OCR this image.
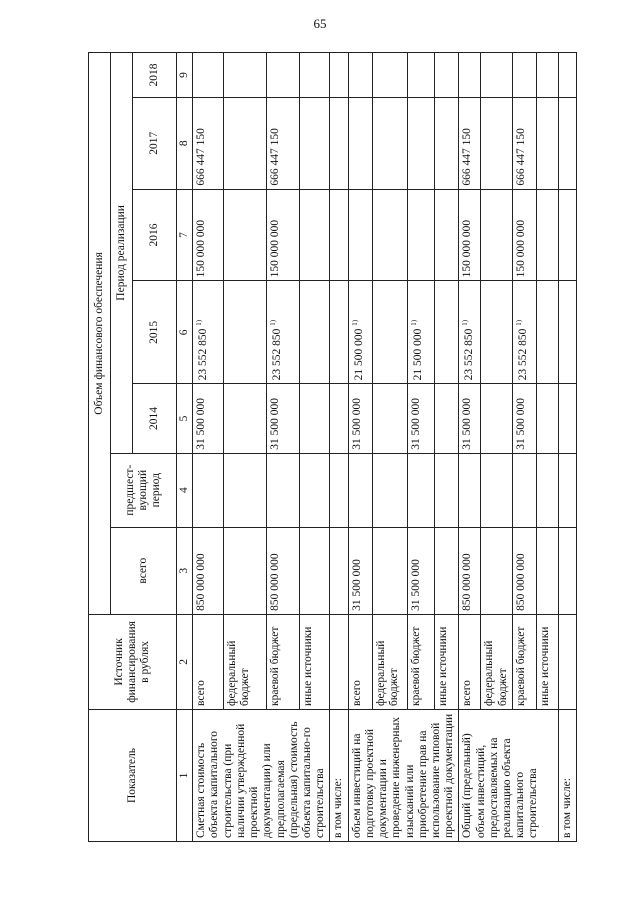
65
Показатель	Источник финансирования в рублях	Объем финансового обеспечения						
		всего	предшест-вующий период	Период реализации				
				2014	2015	2016	2017	2018
1	2	3	4	5	6	7	8	9
Сметная стоимость объекта капитального строительства (при наличии утвержденной проектной документации) или предполагаемая (предельная) стоимость объекта капитально-го строительства	всего	850 000 000		31 500 000	23 552 850 $^{1)}$	150 000 000	666 447 150	
	федеральный бюджет							
	краевой бюджет	850 000 000		31 500 000	23 552 850 $^{1)}$	150 000 000	666 447 150	
	иные источники							
в том числе:								
объем инвестиций на подготовку проектной документации и проведение инженерных изысканий или приобретение прав на использование типовой проектной документации	всего	31 500 000		31 500 000	21 500 000 $^{1)}$			
	федеральный бюджет							
	краевой бюджет	31 500 000		31 500 000	21 500 000 $^{1)}$			
	иные источники							
Общий (предельный) объем инвестиций, предоставляемых на реализацию объекта капитального строительства	всего	850 000 000		31 500 000	23 552 850 $^{1)}$	150 000 000	666 447 150	
	федеральный бюджет							
	краевой бюджет	850 000 000		31 500 000	23 552 850 $^{1)}$	150 000 000	666 447 150	
	иные источники							
в том числе:								
